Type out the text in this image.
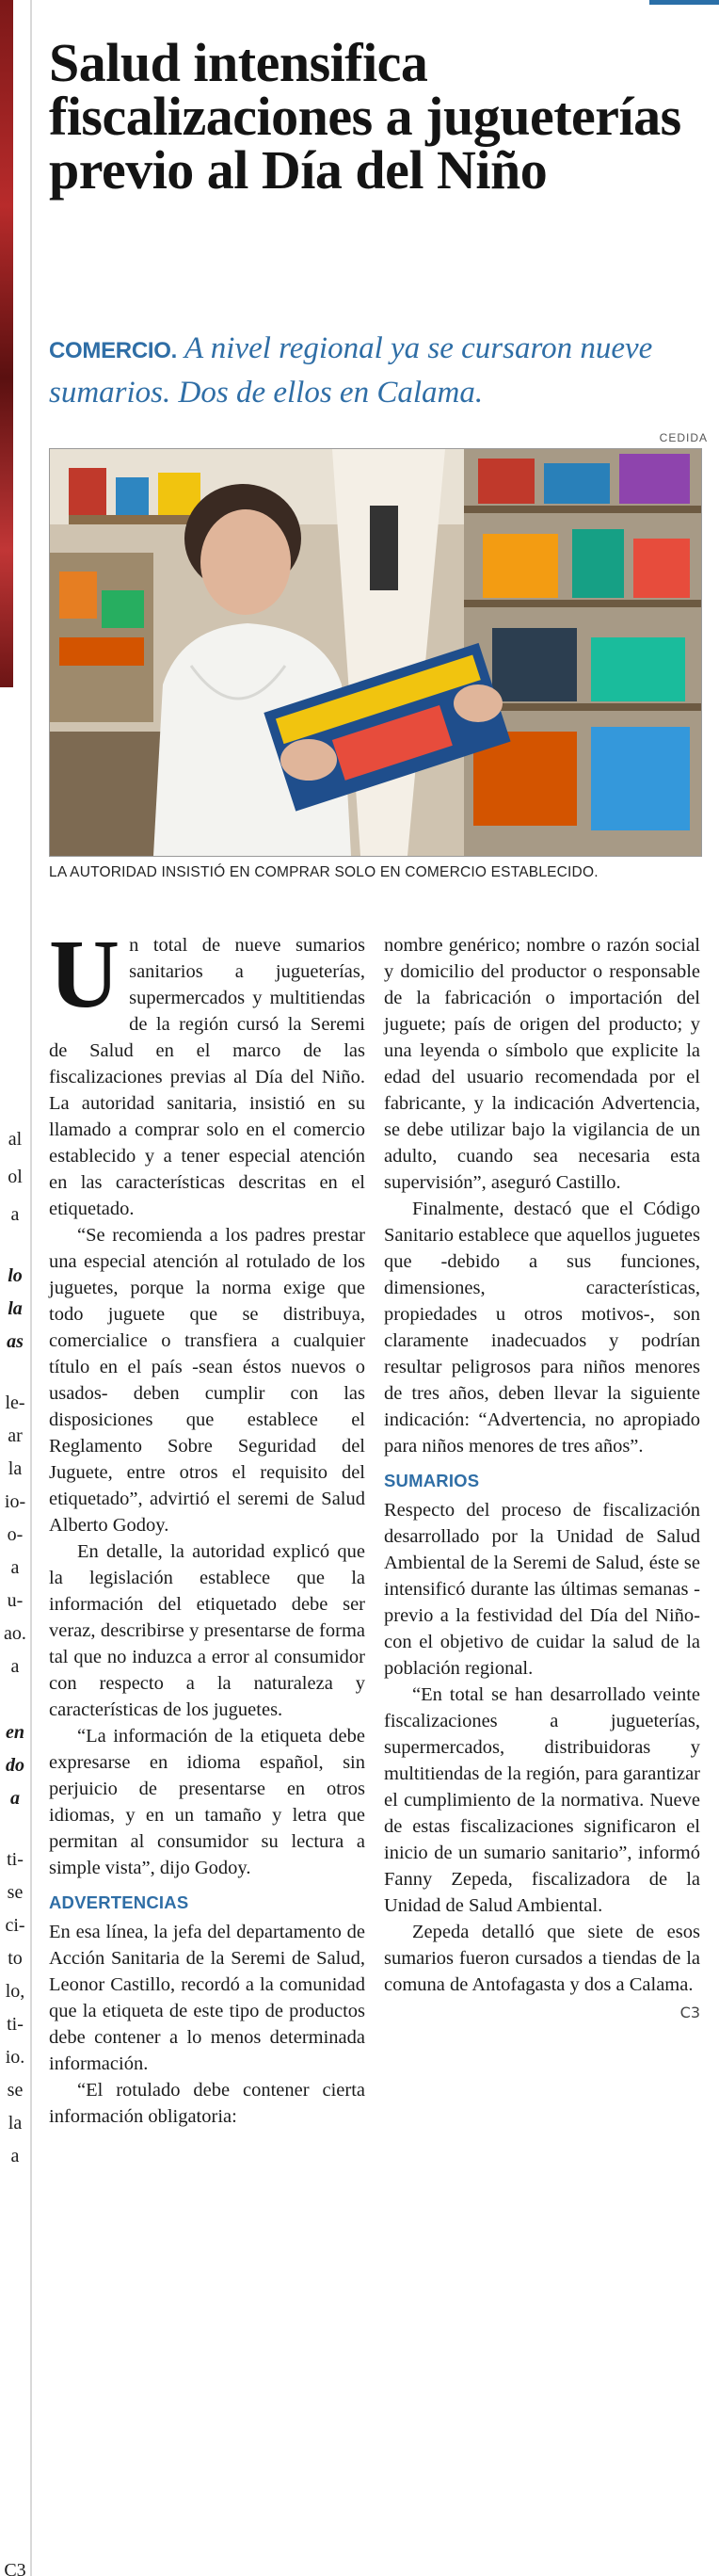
al
ol
a
lo
la
as
le-
ar
la
io-
o-
a
u-
ao.
a
en
do
a
ti-
se
ci-
to
lo,
ti-
io.
se
la
a
C3
Salud intensifica fiscalizaciones a jugueterías previo al Día del Niño
COMERCIO. A nivel regional ya se cursaron nueve sumarios. Dos de ellos en Calama.
CEDIDA
LA AUTORIDAD INSISTIÓ EN COMPRAR SOLO EN COMERCIO ESTABLECIDO.

Un total de nueve sumarios sanitarios a jugueterías, supermercados y multitiendas de la región cursó la Seremi de Salud en el marco de las fiscalizaciones previas al Día del Niño. La autoridad sanitaria, insistió en su llamado a comprar solo en el comercio establecido y a tener especial atención en las características descritas en el etiquetado.

“Se recomienda a los padres prestar una especial atención al rotulado de los juguetes, porque la norma exige que todo juguete que se distribuya, comercialice o transfiera a cualquier título en el país -sean éstos nuevos o usados- deben cumplir con las disposiciones que establece el Reglamento Sobre Seguridad del Juguete, entre otros el requisito del etiquetado”, advirtió el seremi de Salud Alberto Godoy.

En detalle, la autoridad explicó que la legislación establece que la información del etiquetado debe ser veraz, describirse y presentarse de forma tal que no induzca a error al consumidor con respecto a la naturaleza y características de los juguetes.

“La información de la etiqueta debe expresarse en idioma español, sin perjuicio de presentarse en otros idiomas, y en un tamaño y letra que permitan al consumidor su lectura a simple vista”, dijo Godoy.

ADVERTENCIAS

En esa línea, la jefa del departamento de Acción Sanitaria de la Seremi de Salud, Leonor Castillo, recordó a la comunidad que la etiqueta de este tipo de productos debe contener a lo menos determinada información.

“El rotulado debe contener cierta información obligatoria:

nombre genérico; nombre o razón social y domicilio del productor o responsable de la fabricación o importación del juguete; país de origen del producto; y una leyenda o símbolo que explicite la edad del usuario recomendada por el fabricante, y la indicación Advertencia, se debe utilizar bajo la vigilancia de un adulto, cuando sea necesaria esta supervisión”, aseguró Castillo.

Finalmente, destacó que el Código Sanitario establece que aquellos juguetes que -debido a sus funciones, dimensiones, características, propiedades u otros motivos-, son claramente inadecuados y podrían resultar peligrosos para niños menores de tres años, deben llevar la siguiente indicación: “Advertencia, no apropiado para niños menores de tres años”.

SUMARIOS

Respecto del proceso de fiscalización desarrollado por la Unidad de Salud Ambiental de la Seremi de Salud, éste se intensificó durante las últimas semanas -previo a la festividad del Día del Niño- con el objetivo de cuidar la salud de la población regional.

“En total se han desarrollado veinte fiscalizaciones a jugueterías, supermercados, distribuidoras y multitiendas de la región, para garantizar el cumplimiento de la normativa. Nueve de estas fiscalizaciones significaron el inicio de un sumario sanitario”, informó Fanny Zepeda, fiscalizadora de la Unidad de Salud Ambiental.

Zepeda detalló que siete de esos sumarios fueron cursados a tiendas de la comuna de Antofagasta y dos a Calama.

C3
